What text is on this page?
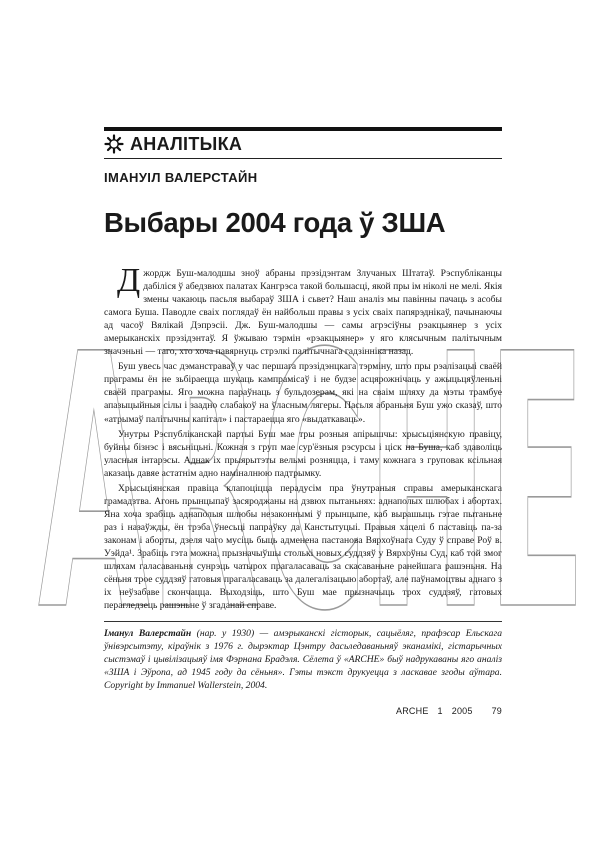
ARCHE
АНАЛІТЫКА
ІМАНУІЛ ВАЛЕРСТАЙН
Выбары 2004 года ў ЗША

Джордж Буш-малодшы зноў абраны прэзідэнтам Злучаных Штатаў. Рэспубліканцы дабіліся ў абедзвюх палатах Кангрэса такой большасці, якой пры ім ніколі не мелі. Якія змены чакаюць пасьля выбараў ЗША і сьвет? Наш аналіз мы павінны пачаць з асобы самога Буша. Паводле сваіх поглядаў ён найбольш правы з усіх сваіх папярэднікаў, пачынаючы ад часоў Вялікай Дэпрэсіі. Дж. Буш-малодшы — самы агрэсіўны рэакцыянер з усіх амерыканскіх прэзідэнтаў. Я ўжываю тэрмін «рэакцыянер» у яго клясычным палітычным значэньні — таго, хто хоча павярнуць стрэлкі палітычнага гадзінніка назад.

Буш увесь час дэманстраваў у час першага прэзідэнцкага тэрміну, што пры рэалізацыі сваёй праграмы ён не зьбіраецца шукаць кампрамісаў і не будзе асцярожнічаць у ажыцьцяўленьні сваёй праграмы. Яго можна параўнаць з бульдозерам, які на сваім шляху да мэты трамбуе апазыцыйныя сілы і заадно слабакоў на ўласным лягеры. Пасьля абраньня Буш ужо сказаў, што «атрымаў палітычны капітал» і пастараецца яго «выдаткаваць».

Унутры Рэспубліканскай партыі Буш мае тры розныя апірышчы: хрысьціянскую правіцу, буйны бізнэс і вясьніцьні. Кожная з груп мае сур'ёзныя рэсурсы і ціск на Буша, каб здаволіць уласныя інтарэсы. Аднак іх прыярытэты вельмі розняцца, і таму кожнага з груповак ксільная аказаць давяе астатнім адно наміналнюю падтрымку.

Хрысьціянская правіца клапоціцца перадусім пра ўнутраныя справы амерыканскага грамадзтва. Агонь прынцыпаў засяроджаны на дзвюх пытаньнях: аднаполых шлюбах і абортах. Яна хоча зрабіць аднаполыя шлюбы незаконнымі ў прынцыпе, каб вырашыць гэтае пытаньне раз і назаўжды, ён трэба ўнесьці папраўку да Канстытуцыі. Правыя хацелі б паставіць па-за законам і аборты, дзеля чаго мусіць быць адменена пастанова Вярхоўнага Суду ў справе Роў в. Уэйда¹. Зрабіць гэта можна, прызначыўшы столькі новых суддзяў у Вярхоўны Суд, каб той змог шляхам галасаваньня сунрэць чатырох прагаласаваць за скасаваньне ранейшага рашэньня. На сёньня трое суддзяў гатовыя прагаласаваць за далегалізацыю абортаў, але паўнамоцтвы аднаго з іх неўзабаве скончацца. Выходзіць, што Буш мае прызначыць трох суддзяў, гатовых перагледзець рашэньне ў згаданай справе.

Іманул Валерстайн (нар. у 1930) — амэрыканскі гісторык, сацыёляг, прафэсар Ельскага ўнівэрсытэту, кіраўнік з 1976 г. дырэктар Цэнтру дасьледаваньняў эканамікі, гістарычных сыстэмаў і цывілізацыяў імя Фэрнана Брадэля. Сёлета ў «ARCHE» быў надрукаваны яго аналіз «ЗША і Эўропа, ад 1945 году да сёньня». Гэты тэкст друкуецца з ласкавае згоды аўтара. Copyright by Immanuel Wallerstein, 2004.
ARCHE 1 2005 79
